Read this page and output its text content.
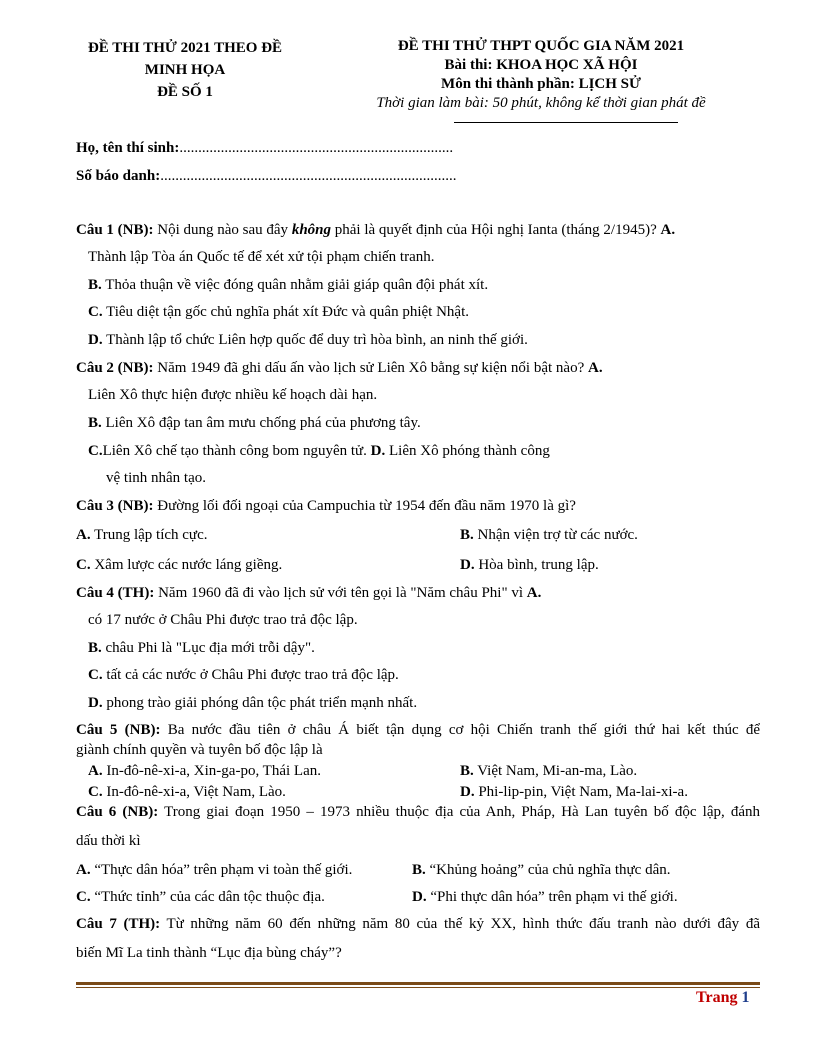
ĐỀ THI THỬ 2021 THEO ĐỀ
MINH HỌA
ĐỀ SỐ 1
ĐỀ THI THỬ THPT QUỐC GIA NĂM 2021
Bài thi: KHOA HỌC XÃ HỘI
Môn thi thành phần: LỊCH SỬ
Thời gian làm bài: 50 phút, không kể thời gian phát đề
Họ, tên thí sinh:.........................................................................
Số báo danh:...............................................................................
Câu 1 (NB): Nội dung nào sau đây không phải là quyết định của Hội nghị Ianta (tháng 2/1945)? A.
Thành lập Tòa án Quốc tế để xét xử tội phạm chiến tranh.
B. Thỏa thuận về việc đóng quân nhằm giải giáp quân đội phát xít.
C. Tiêu diệt tận gốc chủ nghĩa phát xít Đức và quân phiệt Nhật.
D. Thành lập tổ chức Liên hợp quốc để duy trì hòa bình, an ninh thế giới.
Câu 2 (NB): Năm 1949 đã ghi dấu ấn vào lịch sử Liên Xô bằng sự kiện nổi bật nào? A.
Liên Xô thực hiện được nhiều kế hoạch dài hạn.
B. Liên Xô đập tan âm mưu chống phá của phương tây.
C.Liên Xô chế tạo thành công bom nguyên tử. D. Liên Xô phóng thành công
vệ tinh nhân tạo.
Câu 3 (NB): Đường lối đối ngoại của Campuchia từ 1954 đến đầu năm 1970 là gì?
A. Trung lập tích cực.	B. Nhận viện trợ từ các nước.
C. Xâm lược các nước láng giềng.	D. Hòa bình, trung lập.
Câu 4 (TH): Năm 1960 đã đi vào lịch sử với tên gọi là "Năm châu Phi" vì A.
có 17 nước ở Châu Phi được trao trả độc lập.
B. châu Phi là "Lục địa mới trỗi dậy".
C. tất cả các nước ở Châu Phi được trao trả độc lập.
D. phong trào giải phóng dân tộc phát triển mạnh nhất.
Câu 5 (NB): Ba nước đầu tiên ở châu Á biết tận dụng cơ hội Chiến tranh thế giới thứ hai kết thúc để
giành chính quyền và tuyên bố độc lập là
A. In-đô-nê-xi-a, Xin-ga-po, Thái Lan.	B. Việt Nam, Mi-an-ma, Lào.
C. In-đô-nê-xi-a, Việt Nam, Lào.	D. Phi-lip-pin, Việt Nam, Ma-lai-xi-a.
Câu 6 (NB): Trong giai đoạn 1950 – 1973 nhiều thuộc địa của Anh, Pháp, Hà Lan tuyên bố độc lập, đánh
dấu thời kì
A. “Thực dân hóa” trên phạm vi toàn thế giới.	B. “Khủng hoảng” của chủ nghĩa thực dân.
C. “Thức tỉnh” của các dân tộc thuộc địa.	D. “Phi thực dân hóa” trên phạm vi thế giới.
Câu 7 (TH): Từ những năm 60 đến những năm 80 của thế kỷ XX, hình thức đấu tranh nào dưới đây đã
biến Mĩ La tinh thành “Lục địa bùng cháy”?
Trang 1
